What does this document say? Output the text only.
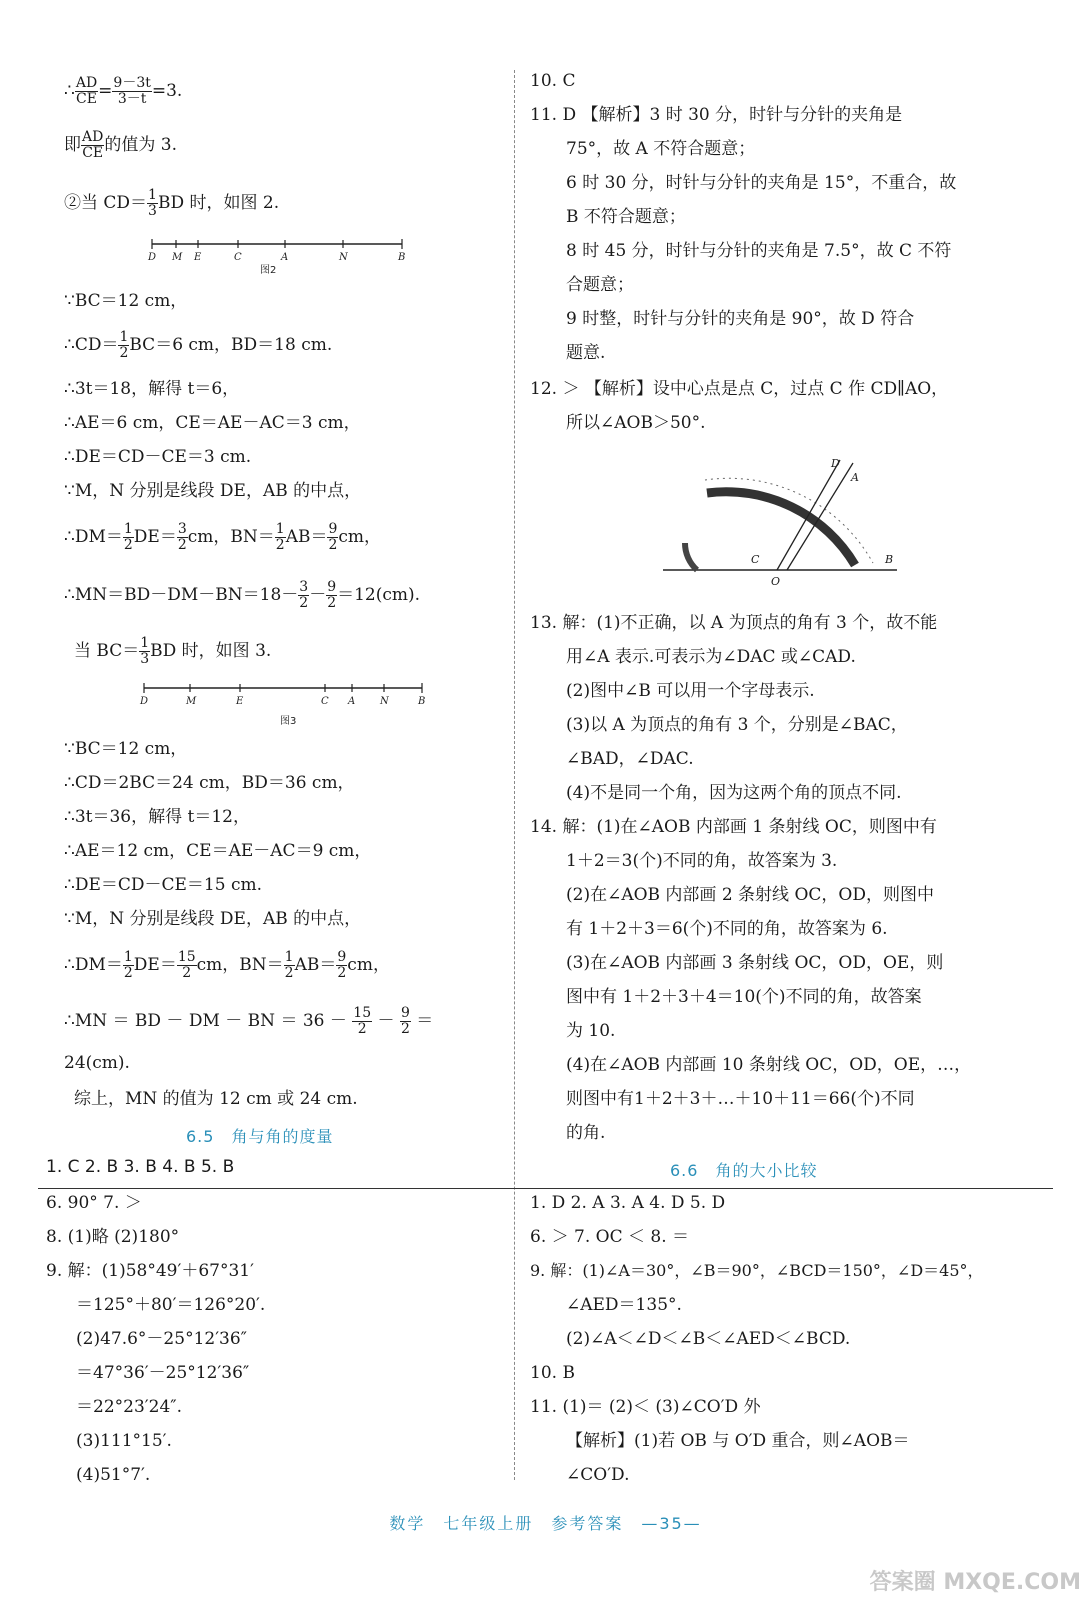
∴ $\frac{AD}{CE} = \frac{9-3t}{3-t} =3$.
即 $\frac{AD}{CE}$ 的值为 3.
②当 $CD= \frac{1}{3}$ BD 时，如图 2.
D M E	C	A	N	B
图2
∵BC＝12 cm，
∴CD＝ $\frac{1}{2} BC=6$ cm，BD＝18 cm.
∴3t＝18，解得 t＝6，
∴AE＝6 cm，CE＝AE－AC＝3 cm，
∴DE＝CD－CE＝3 cm.
∵M，N 分别是线段 DE，AB 的中点，
∴DM＝ $\frac{1}{2} DE= \frac{3}{2}$ cm，$BN= \frac{1}{2} AB= \frac{9}{2}$ cm，
∴MN＝BD－DM－BN＝18－ $\frac{3}{2} - \frac{9}{2} =12(cm)$.
当 $BC= \frac{1}{3}$ BD 时，如图 3.
D	M	E	C A N	B
图3
∵BC＝12 cm，
∴CD＝2BC＝24 cm，BD＝36 cm，
∴3t＝36，解得 t＝12，
∴AE＝12 cm，CE＝AE－AC＝9 cm，
∴DE＝CD－CE＝15 cm.
∵M，N 分别是线段 DE，AB 的中点，
∴DM＝ $\frac{1}{2} DE= \frac{15}{2}$ cm，$BN= \frac{1}{2} AB= \frac{9}{2}$ cm，
∴MN ＝ BD － DM － BN ＝ $36 - \frac{15}{2} - \frac{9}{2}$ ＝
24(cm).
综上，MN 的值为 12 cm 或 24 cm.
6.5　角与角的度量
1. C 2. B 3. B 4. B 5. B
6. 90° 7. ＞
8. (1)略 (2)180°
9. 解：(1)58°49′＋67°31′
＝125°＋80′＝126°20′.
(2)47.6°－25°12′36″
＝47°36′－25°12′36″
＝22°23′24″.
(3)111°15′.
(4)51°7′.
10. C
11. D 【解析】3 时 30 分，时针与分针的夹角是
75°，故 A 不符合题意；
6 时 30 分，时针与分针的夹角是 15°，不重合，故
B 不符合题意；
8 时 45 分，时针与分针的夹角是 7.5°，故 C 不符
合题意；
9 时整，时针与分针的夹角是 90°，故 D 符合
题意.
12. ＞ 【解析】设中心点是点 C，过点 C 作 CD∥AO，
所以∠AOB＞50°.
D
A
C
O
B
13. 解：(1)不正确，以 A 为顶点的角有 3 个，故不能
用∠A 表示.可表示为∠DAC 或∠CAD.
(2)图中∠B 可以用一个字母表示.
(3)以 A 为顶点的角有 3 个，分别是∠BAC，
∠BAD，∠DAC.
(4)不是同一个角，因为这两个角的顶点不同.
14. 解：(1)在∠AOB 内部画 1 条射线 OC，则图中有
1＋2＝3(个)不同的角，故答案为 3.
(2)在∠AOB 内部画 2 条射线 OC，OD，则图中
有 1＋2＋3＝6(个)不同的角，故答案为 6.
(3)在∠AOB 内部画 3 条射线 OC，OD，OE，则
图中有 1＋2＋3＋4＝10(个)不同的角，故答案
为 10.
(4)在∠AOB 内部画 10 条射线 OC，OD，OE，…，
则图中有1＋2＋3＋…＋10＋11＝66(个)不同
的角.
6.6　角的大小比较
1. D 2. A 3. A 4. D 5. D
6. ＞ 7. OC ＜ 8. ＝
9. 解：(1)∠A＝30°，∠B＝90°，∠BCD＝150°，∠D＝45°，
∠AED＝135°.
(2)∠A＜∠D＜∠B＜∠AED＜∠BCD.
10. B
11. (1)＝ (2)＜ (3)∠CO′D 外
【解析】(1)若 OB 与 O′D 重合，则∠AOB＝
∠CO′D.
数学　七年级上册　参考答案　—35—
答案圈 MXQE.COM
